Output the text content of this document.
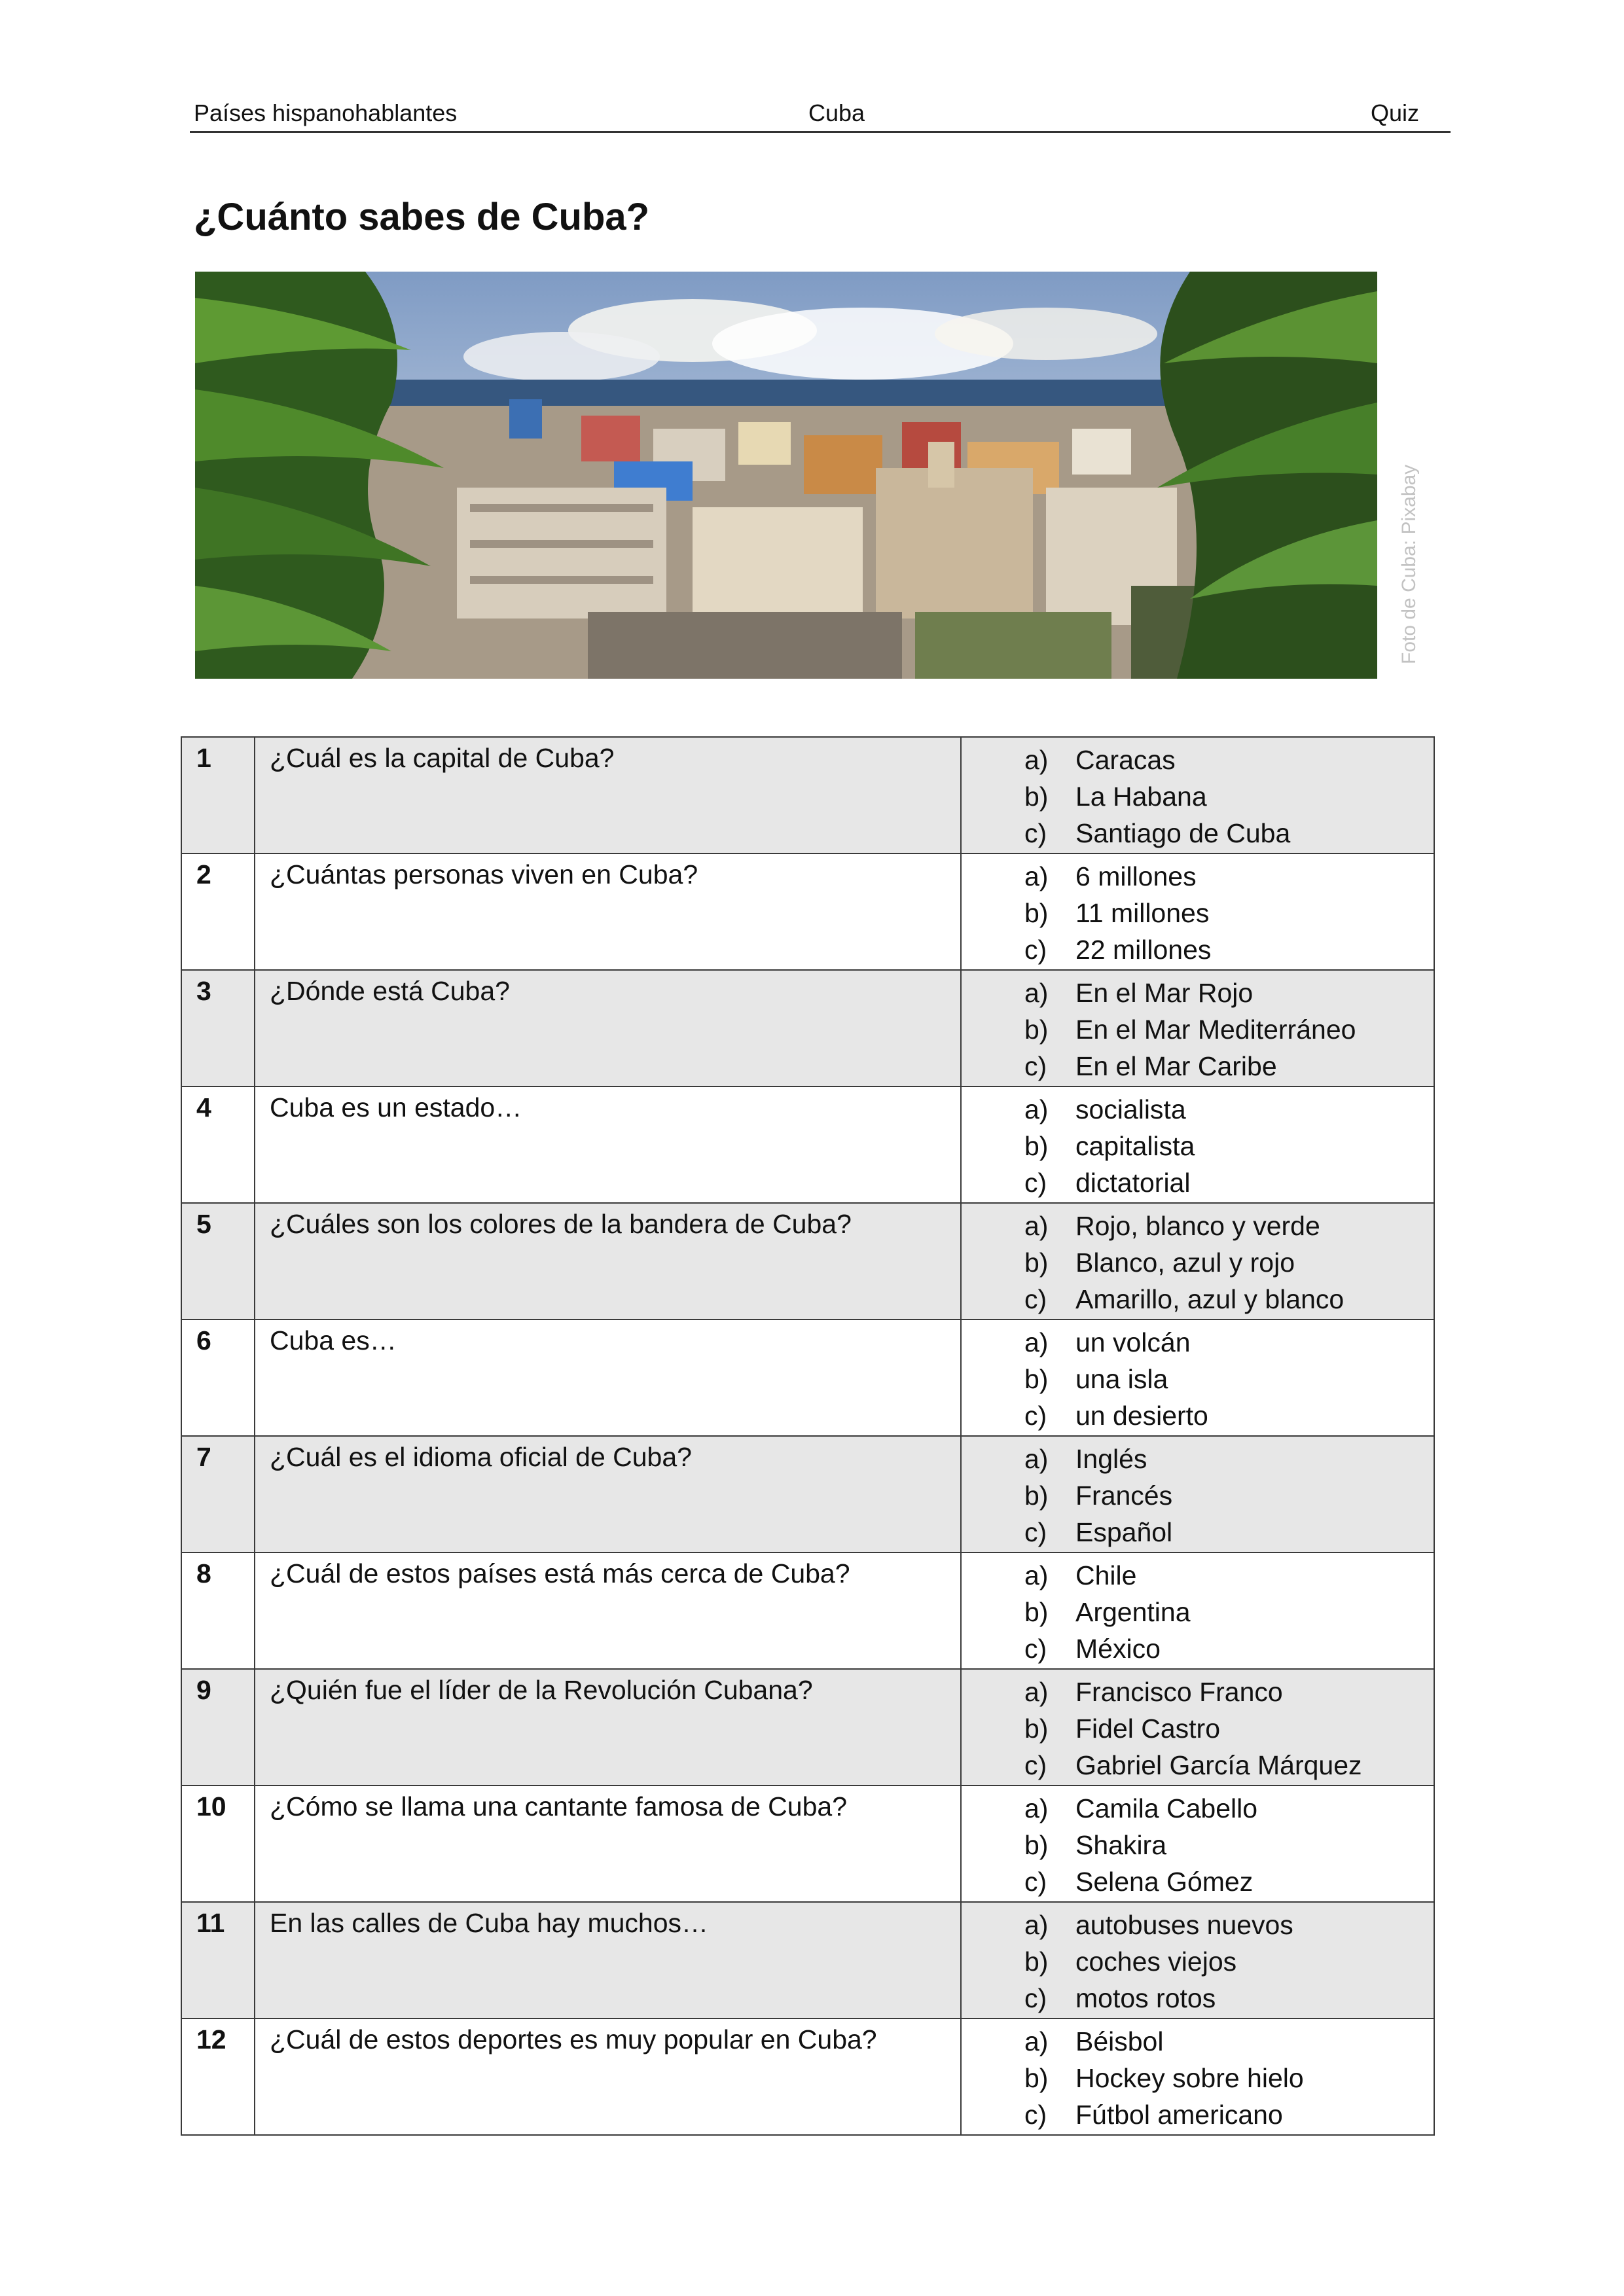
Países hispanohablantes	Cuba	Quiz
¿Cuánto sabes de Cuba?
Foto de Cuba: Pixabay
1	¿Cuál es la capital de Cuba?	a) Caracas
b) La Habana
c) Santiago de Cuba

2	¿Cuántas personas viven en Cuba?	a) 6 millones
b) 11 millones
c) 22 millones

3	¿Dónde está Cuba?	a) En el Mar Rojo
b) En el Mar Mediterráneo
c) En el Mar Caribe

4	Cuba es un estado…	a) socialista
b) capitalista
c) dictatorial

5	¿Cuáles son los colores de la bandera de Cuba?	a) Rojo, blanco y verde
b) Blanco, azul y rojo
c) Amarillo, azul y blanco

6	Cuba es…	a) un volcán
b) una isla
c) un desierto

7	¿Cuál es el idioma oficial de Cuba?	a) Inglés
b) Francés
c) Español

8	¿Cuál de estos países está más cerca de Cuba?	a) Chile
b) Argentina
c) México

9	¿Quién fue el líder de la Revolución Cubana?	a) Francisco Franco
b) Fidel Castro
c) Gabriel García Márquez

10	¿Cómo se llama una cantante famosa de Cuba?	a) Camila Cabello
b) Shakira
c) Selena Gómez

11	En las calles de Cuba hay muchos…	a) autobuses nuevos
b) coches viejos
c) motos rotos

12	¿Cuál de estos deportes es muy popular en Cuba?	a) Béisbol
b) Hockey sobre hielo
c) Fútbol americano
